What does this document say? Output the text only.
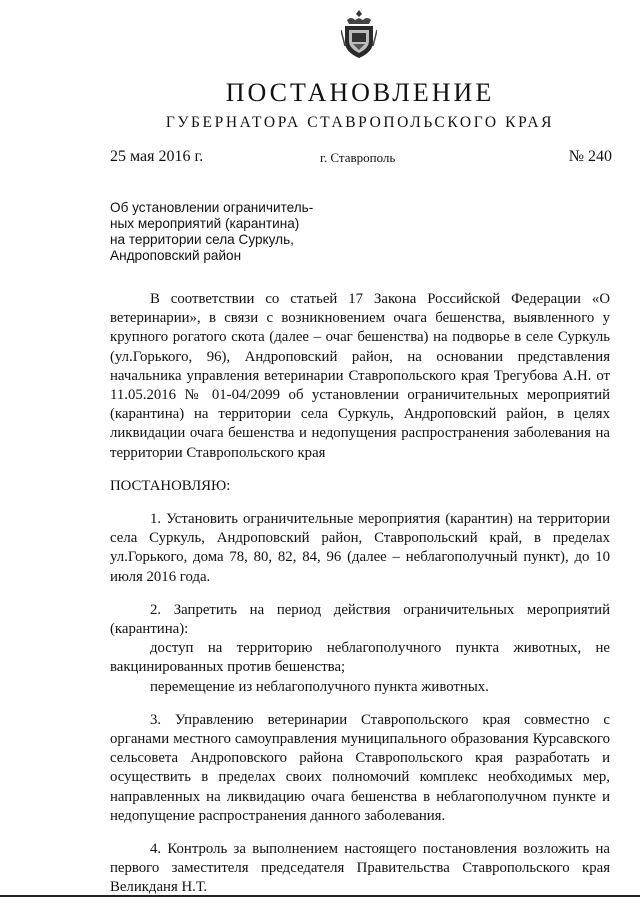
ПОСТАНОВЛЕНИЕ
ГУБЕРНАТОРА СТАВРОПОЛЬСКОГО КРАЯ
25 мая 2016 г.	г. Ставрополь	№ 240
Об установлении ограничитель-
ных мероприятий (карантина)
на территории села Суркуль,
Андроповский район

В соответствии со статьей 17 Закона Российской Федерации «О ветеринарии», в связи с возникновением очага бешенства, выявленного у крупного рогатого скота (далее – очаг бешенства) на подворье в селе Суркуль (ул.Горького, 96), Андроповский район, на основании представления начальника управления ветеринарии Ставропольского края Трегубова А.Н. от 11.05.2016 № 01-04/2099 об установлении ограничительных мероприятий (карантина) на территории села Суркуль, Андроповский район, в целях ликвидации очага бешенства и недопущения распространения заболевания на территории Ставропольского края

ПОСТАНОВЛЯЮ:

1. Установить ограничительные мероприятия (карантин) на территории села Суркуль, Андроповский район, Ставропольский край, в пределах ул.Горького, дома 78, 80, 82, 84, 96 (далее – неблагополучный пункт), до 10 июля 2016 года.

2. Запретить на период действия ограничительных мероприятий (карантина):

доступ на территорию неблагополучного пункта животных, не вакцинированных против бешенства;

перемещение из неблагополучного пункта животных.

3. Управлению ветеринарии Ставропольского края совместно с органами местного самоуправления муниципального образования Курсавского сельсовета Андроповского района Ставропольского края разработать и осуществить в пределах своих полномочий комплекс необходимых мер, направленных на ликвидацию очага бешенства в неблагополучном пункте и недопущение распространения данного заболевания.

4. Контроль за выполнением настоящего постановления возложить на первого заместителя председателя Правительства Ставропольского края Великданя Н.Т.
